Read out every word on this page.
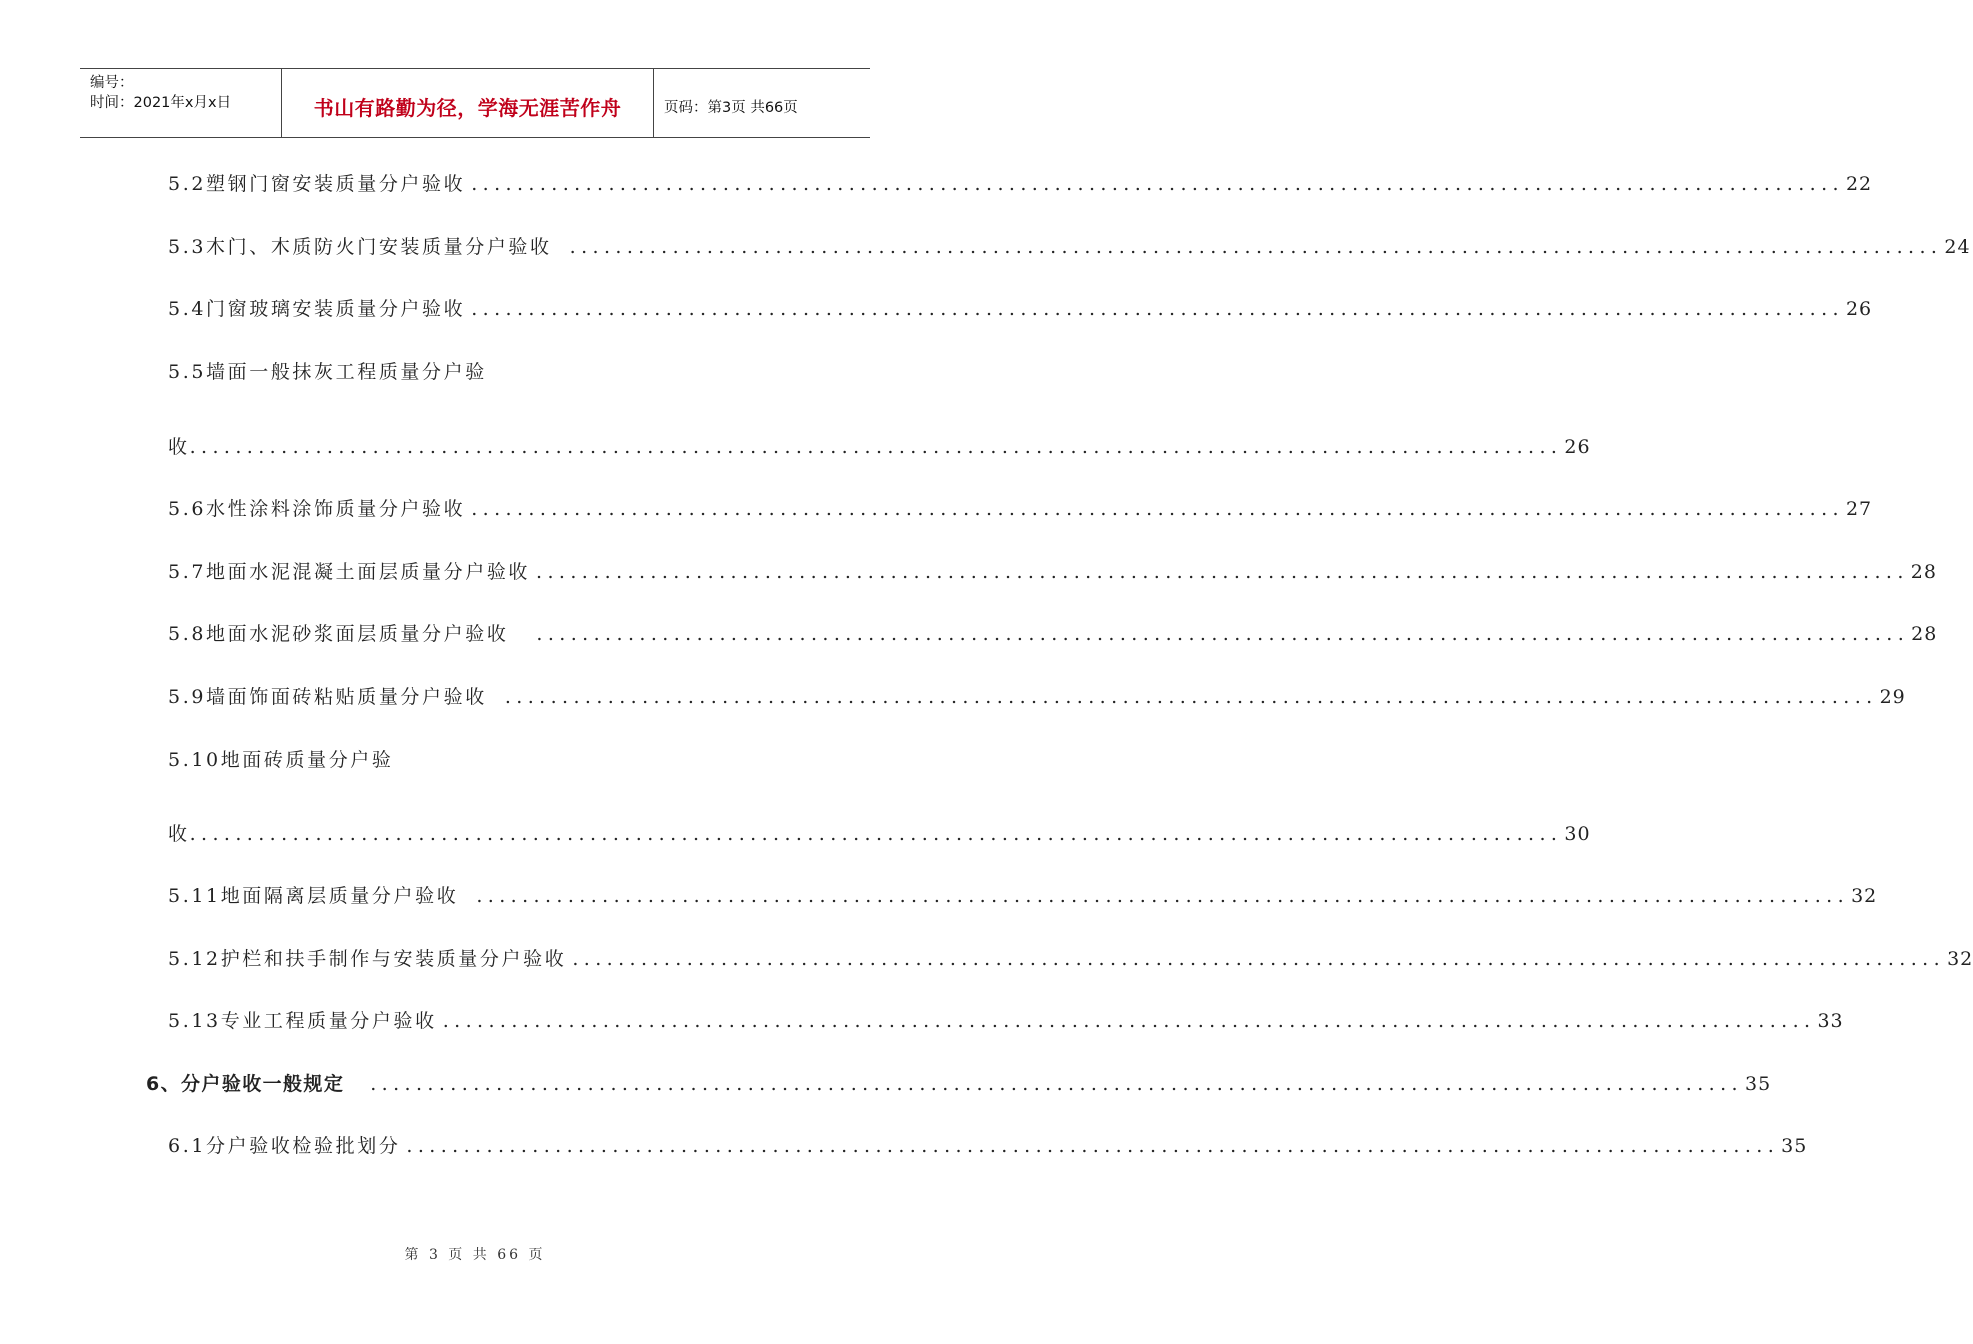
编号：
时间：2021年x月x日	书山有路勤为径，学海无涯苦作舟	页码：第3页 共66页
5.2塑钢门窗安装质量分户验收 ........................................................................................................................ 22
5.3木门、木质防火门安装质量分户验收 ........................................................................................................................ 24
5.4门窗玻璃安装质量分户验收 ........................................................................................................................ 26
5.5墙面一般抹灰工程质量分户验
收 ........................................................................................................................ 26
5.6水性涂料涂饰质量分户验收 ........................................................................................................................ 27
5.7地面水泥混凝土面层质量分户验收 ........................................................................................................................ 28
5.8地面水泥砂浆面层质量分户验收 ........................................................................................................................ 28
5.9墙面饰面砖粘贴质量分户验收 ........................................................................................................................ 29
5.10地面砖质量分户验
收 ........................................................................................................................ 30
5.11地面隔离层质量分户验收 ........................................................................................................................ 32
5.12护栏和扶手制作与安装质量分户验收 ........................................................................................................................ 32
5.13专业工程质量分户验收 ........................................................................................................................ 33
6、分户验收一般规定 ........................................................................................................................ 35
6.1分户验收检验批划分 ........................................................................................................................ 35
第 3 页 共 66 页
